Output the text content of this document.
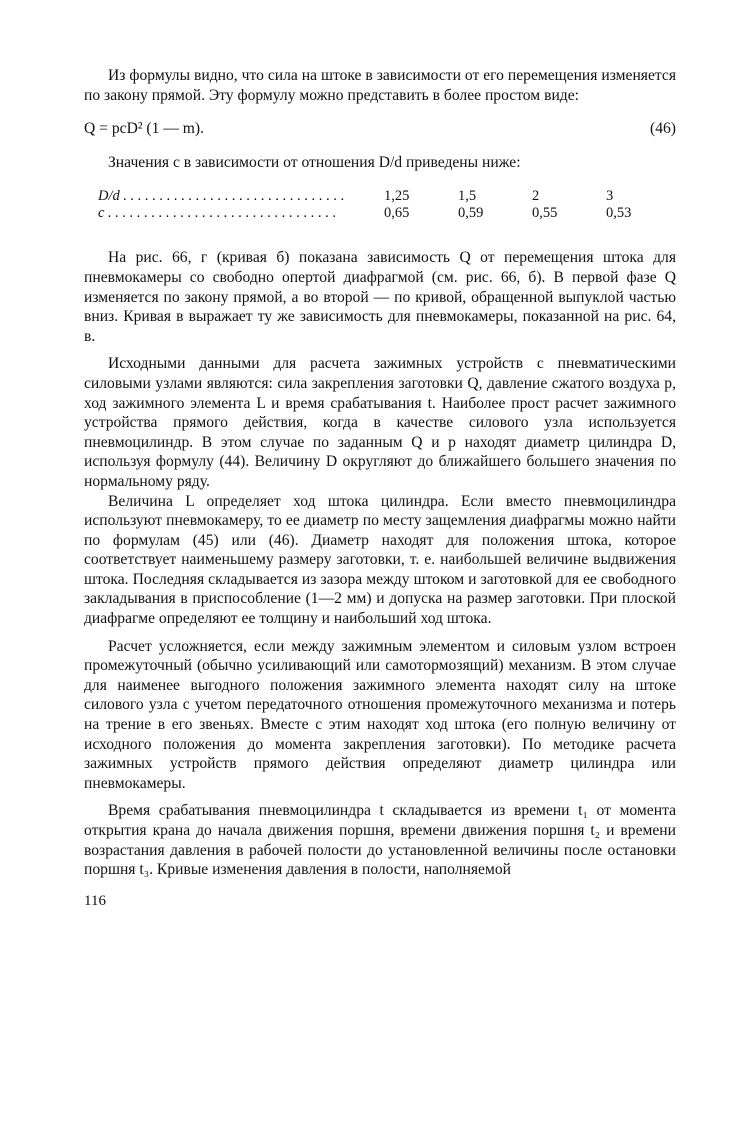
Из формулы видно, что сила на штоке в зависимости от его перемещения изменяется по закону прямой. Эту формулу можно представить в более простом виде:

Q = pcD² (1 — m).	(46)

Значения c в зависимости от отношения D/d приведены ниже:

D/d . . . . . . . . . . . . . . . . . . . . . . . . . . . . . . .	1,25	1,5	2	3
c . . . . . . . . . . . . . . . . . . . . . . . . . . . . . . . .	0,65	0,59	0,55	0,53

На рис. 66, г (кривая б) показана зависимость Q от перемещения штока для пневмокамеры со свободно опертой диафрагмой (см. рис. 66, б). В первой фазе Q изменяется по закону прямой, а во второй — по кривой, обращенной выпуклой частью вниз. Кривая в выражает ту же зависимость для пневмокамеры, показанной на рис. 64, в.

Исходными данными для расчета зажимных устройств с пневматическими силовыми узлами являются: сила закрепления заготовки Q, давление сжатого воздуха p, ход зажимного элемента L и время срабатывания t. Наиболее прост расчет зажимного устройства прямого действия, когда в качестве силового узла используется пневмоцилиндр. В этом случае по заданным Q и p находят диаметр цилиндра D, используя формулу (44). Величину D округляют до ближайшего большего значения по нормальному ряду.

Величина L определяет ход штока цилиндра. Если вместо пневмоцилиндра используют пневмокамеру, то ее диаметр по месту защемления диафрагмы можно найти по формулам (45) или (46). Диаметр находят для положения штока, которое соответствует наименьшему размеру заготовки, т. е. наибольшей величине выдвижения штока. Последняя складывается из зазора между штоком и заготовкой для ее свободного закладывания в приспособление (1—2 мм) и допуска на размер заготовки. При плоской диафрагме определяют ее толщину и наибольший ход штока.

Расчет усложняется, если между зажимным элементом и силовым узлом встроен промежуточный (обычно усиливающий или самотормозящий) механизм. В этом случае для наименее выгодного положения зажимного элемента находят силу на штоке силового узла с учетом передаточного отношения промежуточного механизма и потерь на трение в его звеньях. Вместе с этим находят ход штока (его полную величину от исходного положения до момента закрепления заготовки). По методике расчета зажимных устройств прямого действия определяют диаметр цилиндра или пневмокамеры.

Время срабатывания пневмоцилиндра t складывается из времени t₁ от момента открытия крана до начала движения поршня, времени движения поршня t₂ и времени возрастания давления в рабочей полости до установленной величины после остановки поршня t₃. Кривые изменения давления в полости, наполняемой

116
